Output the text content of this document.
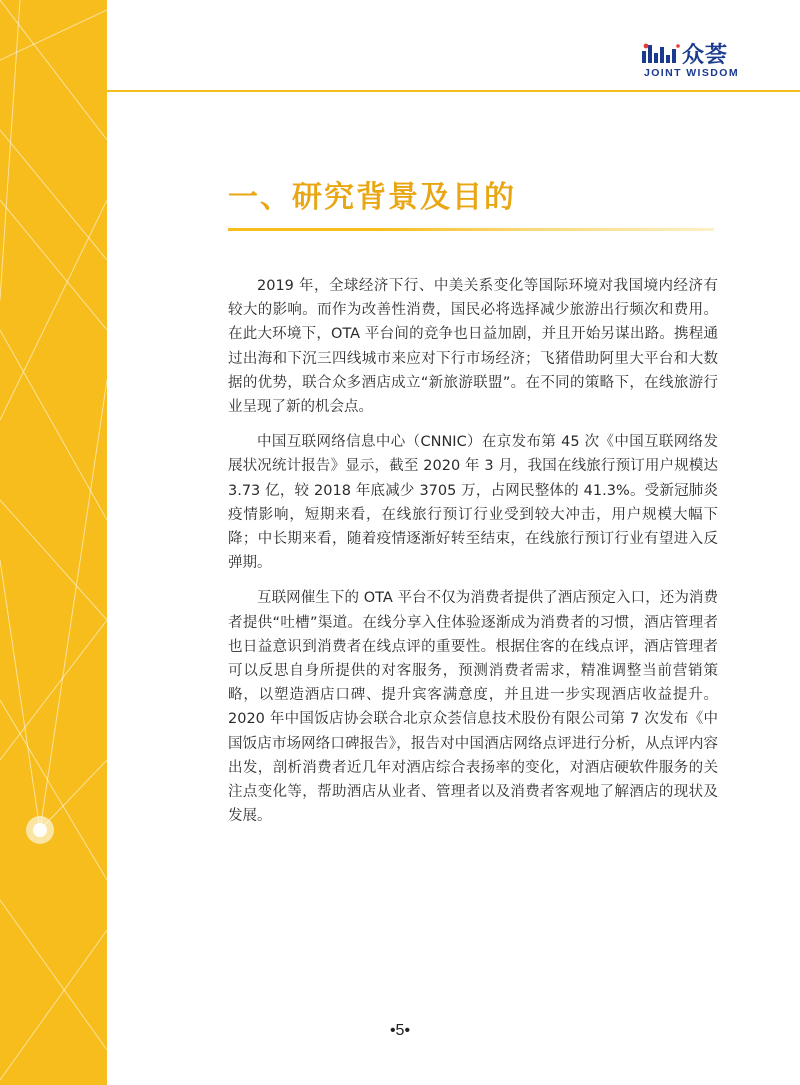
众荟
JOINT WISDOM
一、研究背景及目的

2019 年，全球经济下行、中美关系变化等国际环境对我国境内经济有较大的影响。而作为改善性消费，国民必将选择减少旅游出行频次和费用。在此大环境下，OTA 平台间的竞争也日益加剧，并且开始另谋出路。携程通过出海和下沉三四线城市来应对下行市场经济；飞猪借助阿里大平台和大数据的优势，联合众多酒店成立“新旅游联盟”。在不同的策略下，在线旅游行业呈现了新的机会点。

中国互联网络信息中心（CNNIC）在京发布第 45 次《中国互联网络发展状况统计报告》显示，截至 2020 年 3 月，我国在线旅行预订用户规模达 3.73 亿，较 2018 年底减少 3705 万，占网民整体的 41.3%。受新冠肺炎疫情影响，短期来看，在线旅行预订行业受到较大冲击，用户规模大幅下降；中长期来看，随着疫情逐渐好转至结束，在线旅行预订行业有望进入反弹期。

互联网催生下的 OTA 平台不仅为消费者提供了酒店预定入口，还为消费者提供“吐槽”渠道。在线分享入住体验逐渐成为消费者的习惯，酒店管理者也日益意识到消费者在线点评的重要性。根据住客的在线点评，酒店管理者可以反思自身所提供的对客服务，预测消费者需求，精准调整当前营销策略，以塑造酒店口碑、提升宾客满意度，并且进一步实现酒店收益提升。2020 年中国饭店协会联合北京众荟信息技术股份有限公司第 7 次发布《中国饭店市场网络口碑报告》，报告对中国酒店网络点评进行分析，从点评内容出发，剖析消费者近几年对酒店综合表扬率的变化，对酒店硬软件服务的关注点变化等，帮助酒店从业者、管理者以及消费者客观地了解酒店的现状及发展。

•5•
